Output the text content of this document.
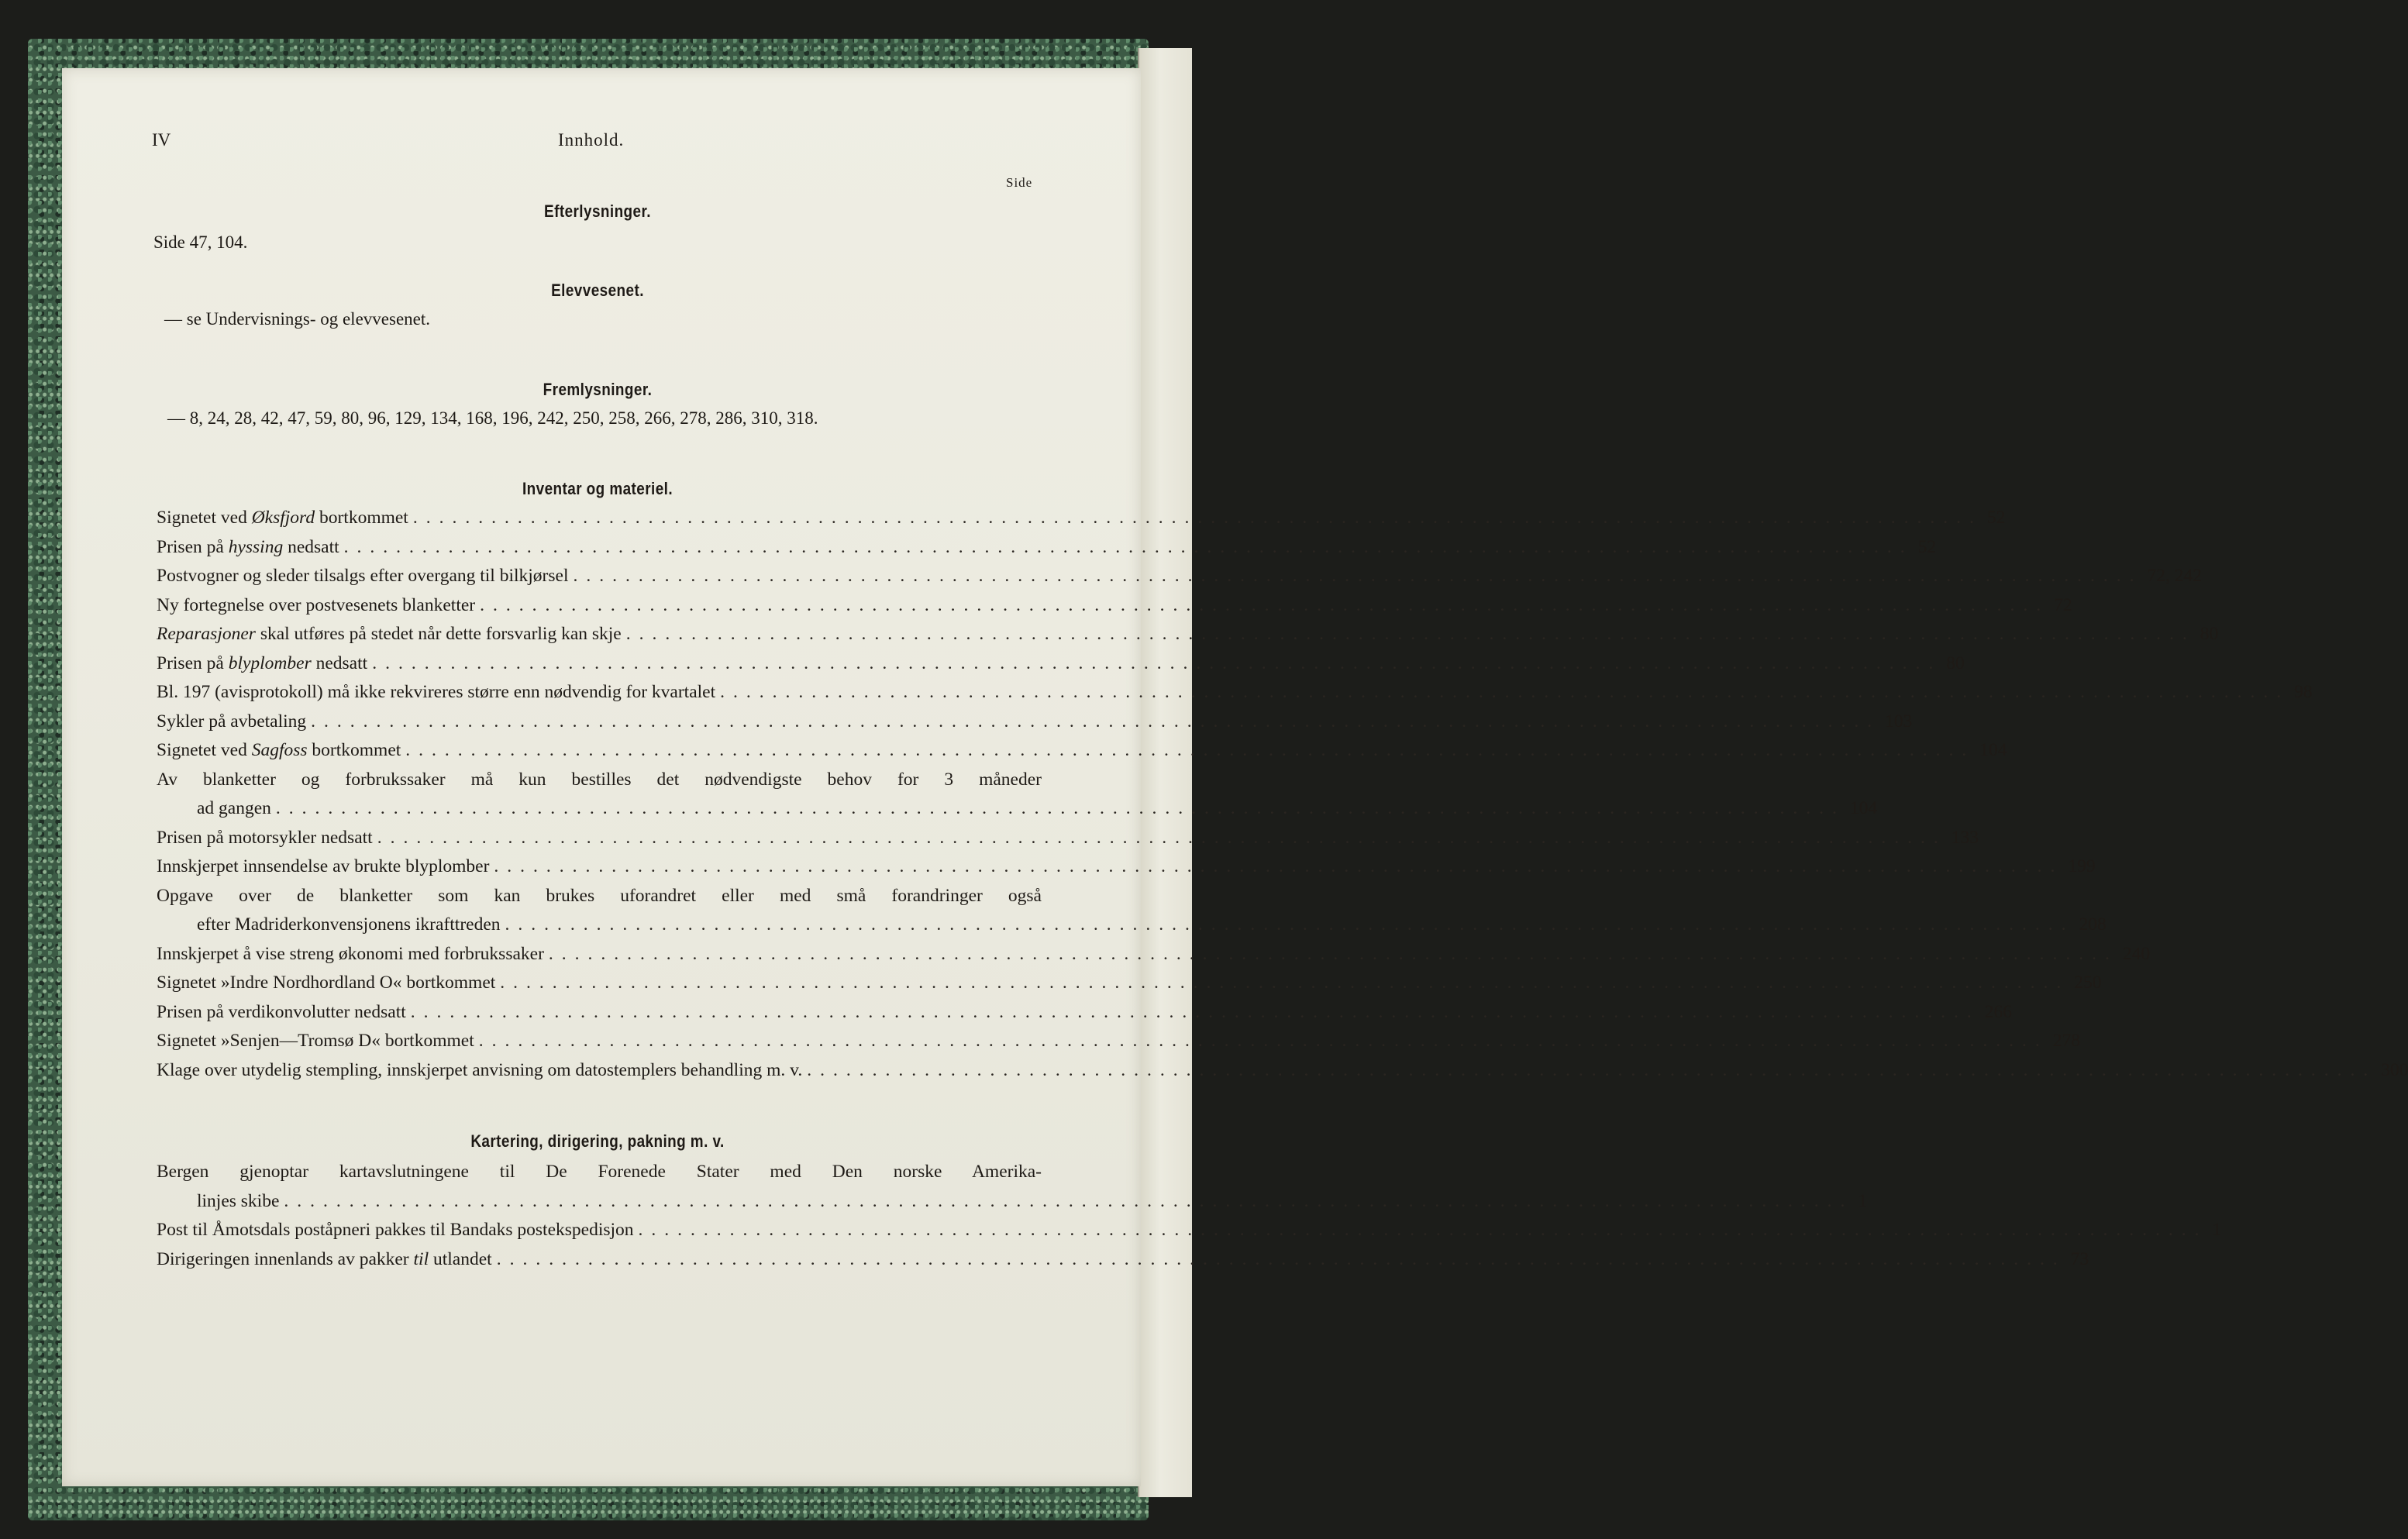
IV	Innhold.
Side
Efterlysninger.
Side 47, 104.
Elevvesenet.
— se Undervisnings- og elevvesenet.
Fremlysninger.
— 8, 24, 28, 42, 47, 59, 80, 96, 129, 134, 168, 196, 242, 250, 258, 266, 278, 286, 310, 318.
Inventar og materiel.
Signetet ved Øksfjord bortkommet ........................................................................................................................ 52
Prisen på hyssing nedsatt ........................................................................................................................ 52
Postvogner og sleder tilsalgs efter overgang til bilkjørsel ........................................................................................................................ 72, 242
Ny fortegnelse over postvesenets blanketter ........................................................................................................................ 72
Reparasjoner skal utføres på stedet når dette forsvarlig kan skje ........................................................................................................................ 80
Prisen på blyplomber nedsatt ........................................................................................................................ 80
Bl. 197 (avisprotokoll) må ikke rekvireres større enn nødvendig for kvartalet ........................................................................................................................ 98
Sykler på avbetaling ........................................................................................................................ 103
Signetet ved Sagfoss bortkommet ........................................................................................................................ 104
Av blanketter og forbrukssaker må kun bestilles det nødvendigste behov for 3 måneder
ad gangen ........................................................................................................................ 104
Prisen på motorsykler nedsatt ........................................................................................................................ 133
Innskjerpet innsendelse av brukte blyplomber ........................................................................................................................ 199
Opgave over de blanketter som kan brukes uforandret eller med små forandringer også
efter Madriderkonvensjonens ikrafttreden ........................................................................................................................ 208
Innskjerpet å vise streng økonomi med forbrukssaker ........................................................................................................................ 240
Signetet »Indre Nordhordland O« bortkommet ........................................................................................................................ 250
Prisen på verdikonvolutter nedsatt ........................................................................................................................ 266
Signetet »Senjen—Tromsø D« bortkommet ........................................................................................................................ 278
Klage over utydelig stempling, innskjerpet anvisning om datostemplers behandling m. v. ........................................................................................................................ 300
Kartering, dirigering, pakning m. v.
Bergen gjenoptar kartavslutningene til De Forenede Stater med Den norske Amerika-
linjes skibe ........................................................................................................................ 1
Post til Åmotsdals poståpneri pakkes til Bandaks postekspedisjon ........................................................................................................................ 1
Dirigeringen innenlands av pakker til utlandet ........................................................................................................................ 73
